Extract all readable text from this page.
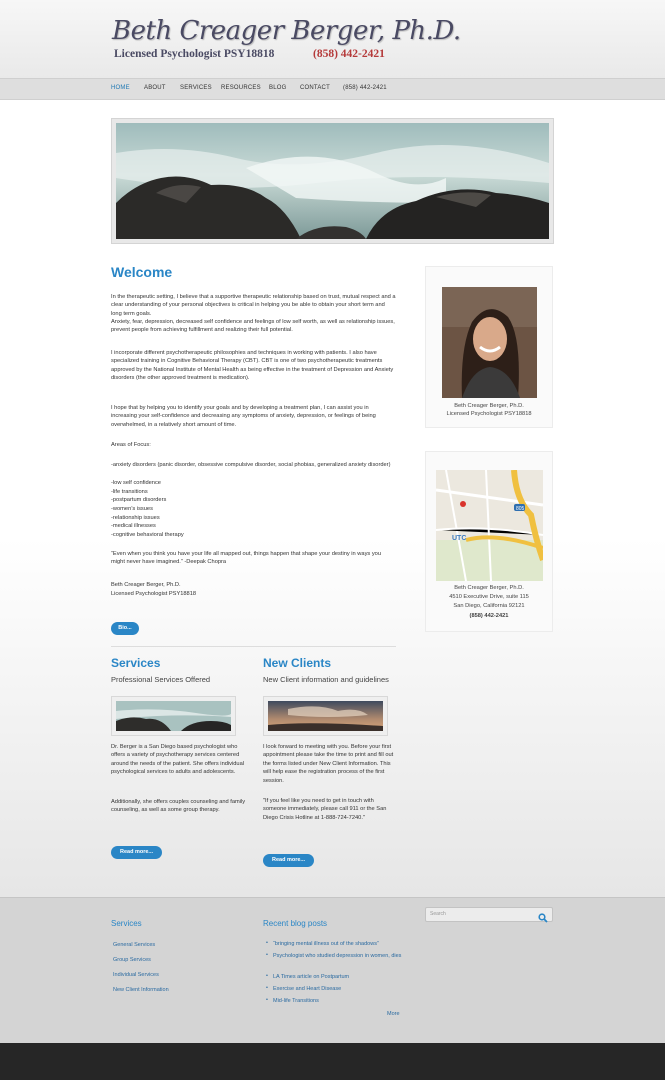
Beth Creager Berger, Ph.D.
Licensed Psychologist PSY18818	(858) 442-2421
HOME ABOUT SERVICES RESOURCES BLOG CONTACT (858) 442-2421
Welcome
In the therapeutic setting, I believe that a supportive therapeutic relationship based on trust, mutual respect and a clear understanding of your personal objectives is critical in helping you be able to obtain your short term and long term goals.
Anxiety, fear, depression, decreased self confidence and feelings of low self worth, as well as relationship issues, prevent people from achieving fulfillment and realizing their full potential.
I incorporate different psychotherapeutic philosophies and techniques in working with patients. I also have specialized training in Cognitive Behavioral Therapy (CBT). CBT is one of two psychotherapeutic treatments approved by the National Institute of Mental Health as being effective in the treatment of Depression and Anxiety disorders (the other approved treatment is medication).
I hope that by helping you to identify your goals and by developing a treatment plan, I can assist you in increasing your self-confidence and decreasing any symptoms of anxiety, depression, or feelings of being overwhelmed, in a relatively short amount of time.
Areas of Focus:
-anxiety disorders (panic disorder, obsessive compulsive disorder, social phobias, generalized anxiety disorder)
-low self confidence
-life transitions
-postpartum disorders
-women’s issues
-relationship issues
-medical illnesses
-cognitive behavioral therapy
“Even when you think you have your life all mapped out, things happen that shape your destiny in ways you might never have imagined.” -Deepak Chopra
Beth Creager Berger, Ph.D.
Licensed Psychologist PSY18818
Bio...
Services
Professional Services Offered
Dr. Berger is a San Diego based psychologist who offers a variety of psychotherapy services centered around the needs of the patient. She offers individual psychological services to adults and adolescents.
Additionally, she offers couples counseling and family counseling, as well as some group therapy.
Read more...
New Clients
New Client information and guidelines
I look forward to meeting with you. Before your first appointment please take the time to print and fill out the forms listed under New Client Information. This will help ease the registration process of the first session.
"If you feel like you need to get in touch with someone immediately, please call 911 or the San Diego Crisis Hotline at 1-888-724-7240."
Read more...
Beth Creager Berger, Ph.D.
Licensed Psychologist PSY18818
UTC
805
Beth Creager Berger, Ph.D.
4510 Executive Drive, suite 115
San Diego, California 92121
(858) 442-2421
Services
General Services
Group Services
Individual Services
New Client Information
Recent blog posts
• “bringing mental illness out of the shadows”
• Psychologist who studied depression in women, dies
• LA Times article on Postpartum
• Exercise and Heart Disease
• Mid-life Transitions
More
Search
